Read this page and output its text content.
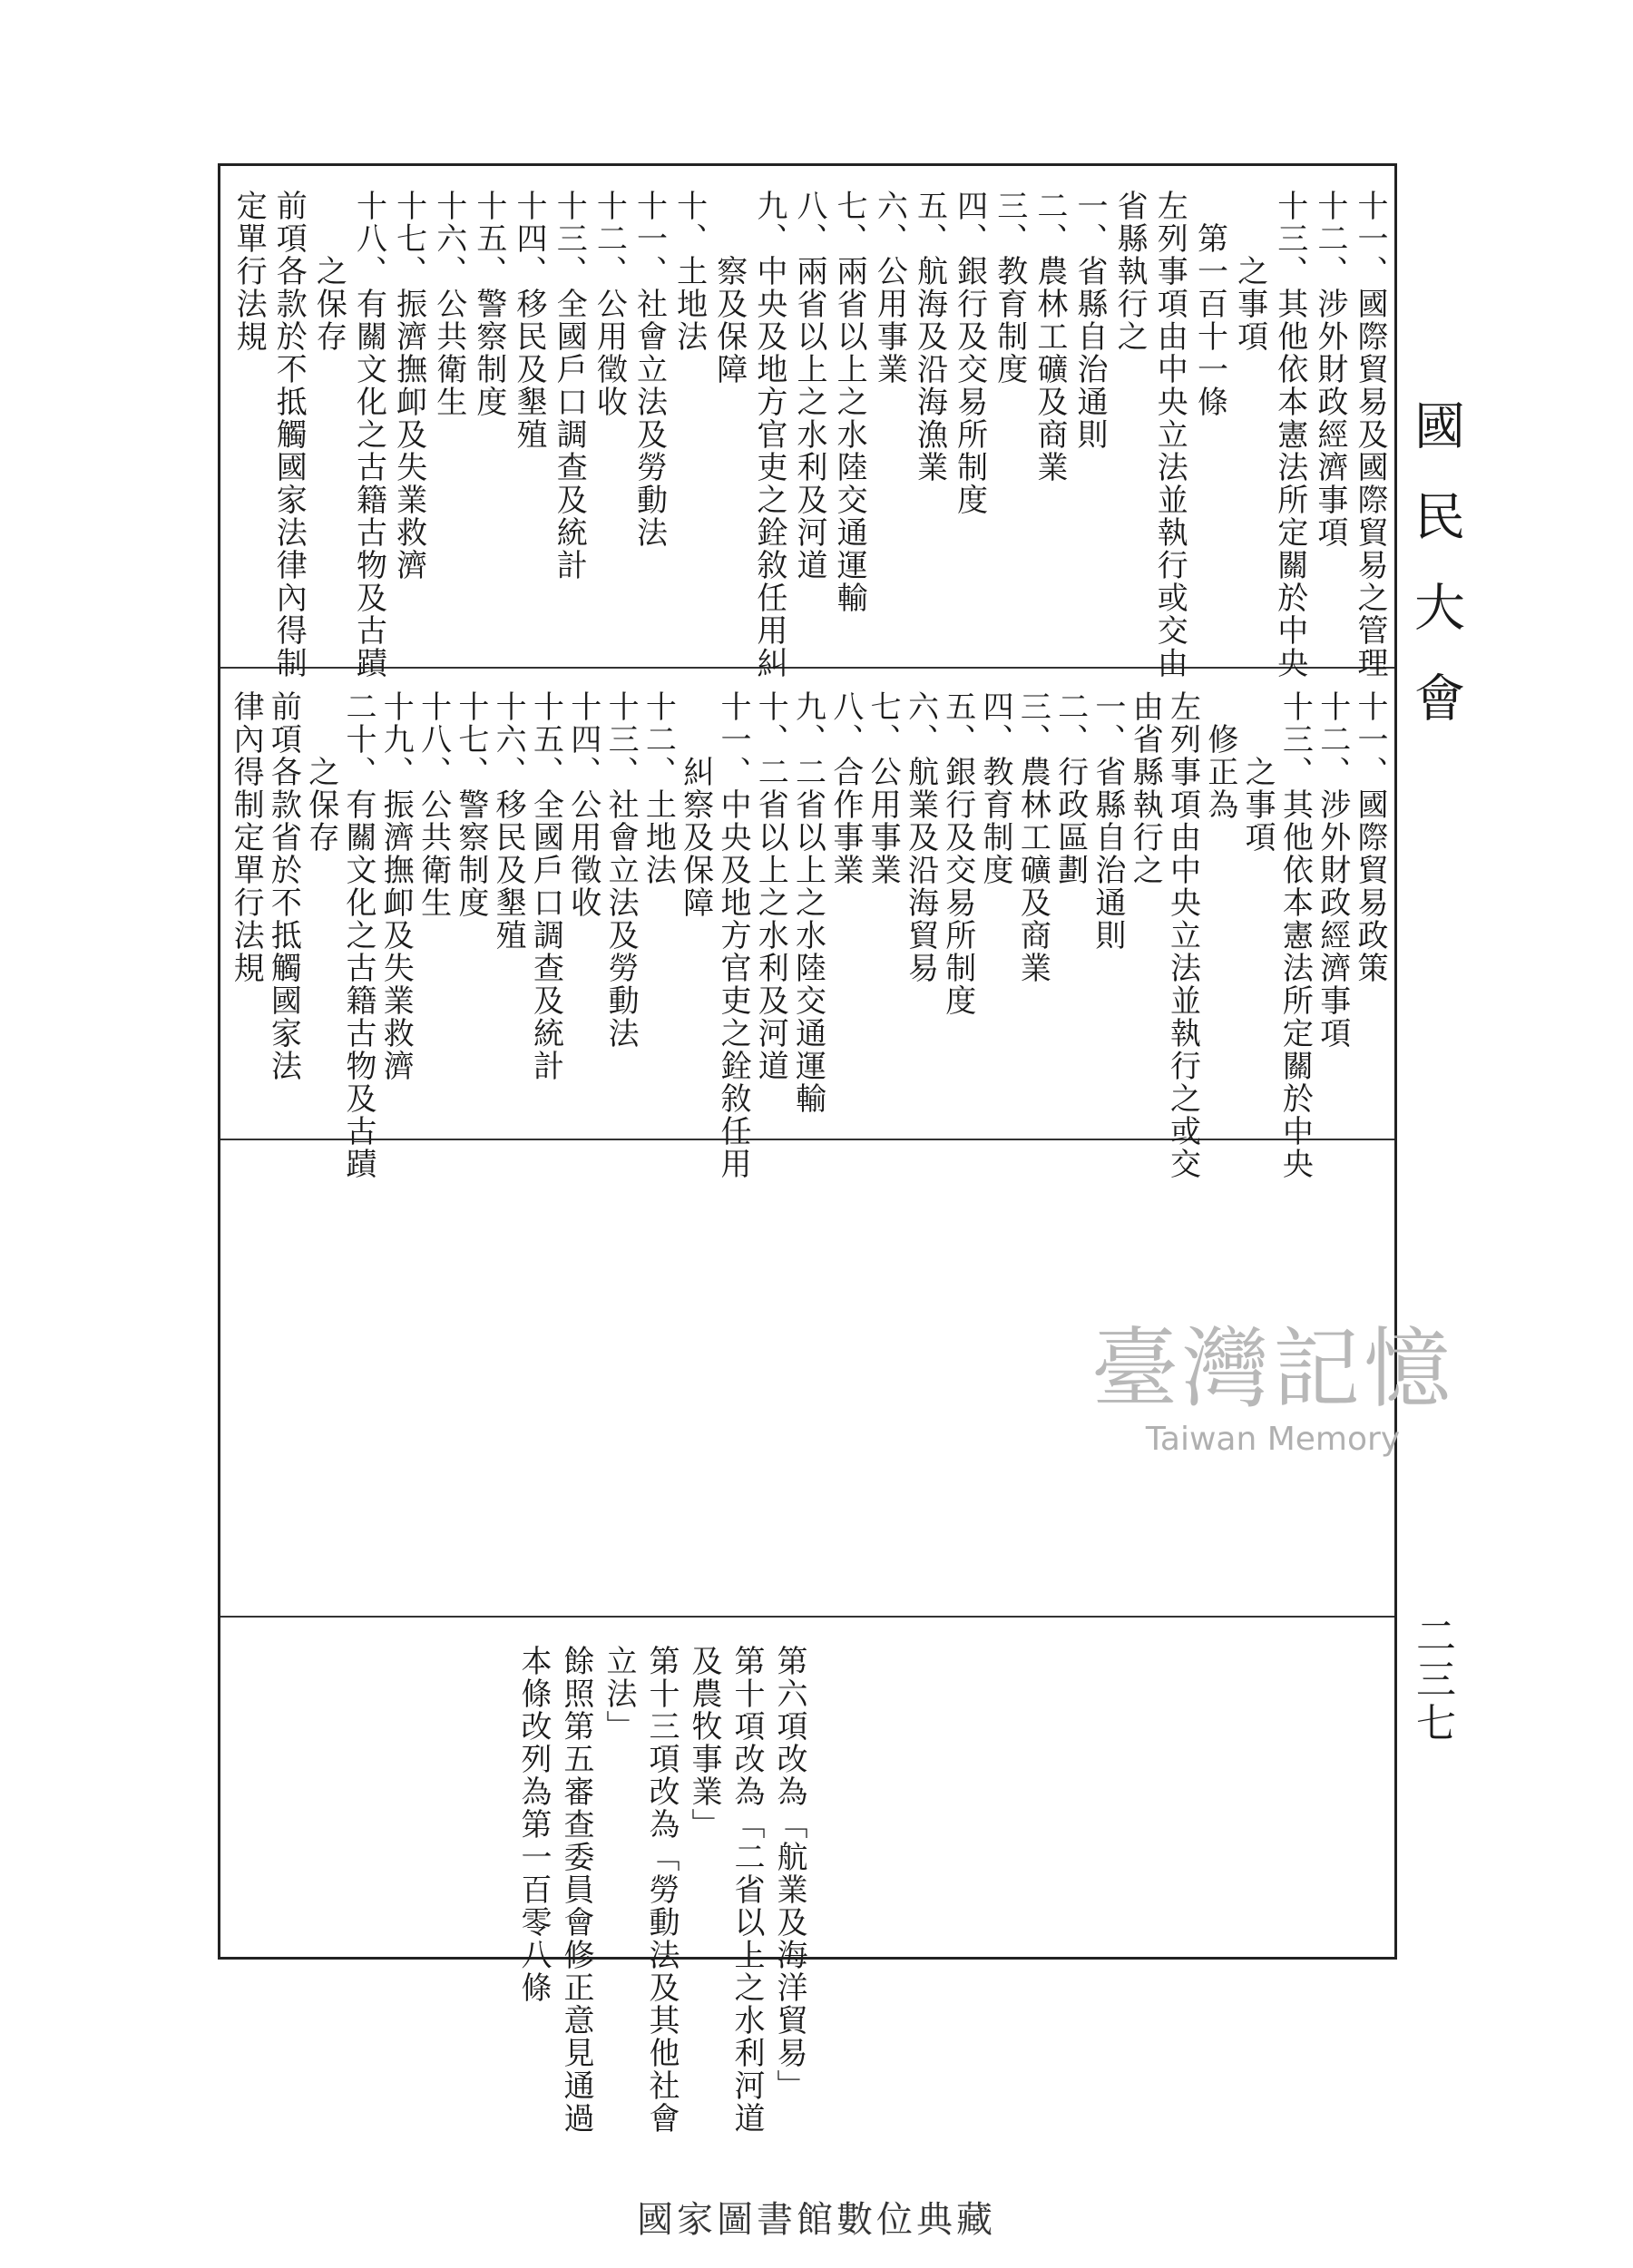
十一、國際貿易及國際貿易之管理
十二、涉外財政經濟事項
十三、其他依本憲法所定關於中央
　　之事項
　第一百十一條
左列事項由中央立法並執行或交由
省縣執行之
一、省縣自治通則
二、農林工礦及商業
三、教育制度
四、銀行及交易所制度
五、航海及沿海漁業
六、公用事業
七、兩省以上之水陸交通運輸
八、兩省以上之水利及河道
九、中央及地方官吏之銓敘任用糾
　　察及保障
十、土地法
十一、社會立法及勞動法
十二、公用徵收
十三、全國戶口調查及統計
十四、移民及墾殖
十五、警察制度
十六、公共衛生
十七、振濟撫卹及失業救濟
十八、有關文化之古籍古物及古蹟
　　之保存
前項各款於不抵觸國家法律內得制
定單行法規
十一、國際貿易政策
十二、涉外財政經濟事項
十三、其他依本憲法所定關於中央
　　之事項
　修正為
左列事項由中央立法並執行之或交
由省縣執行之
一、省縣自治通則
二、行政區劃
三、農林工礦及商業
四、教育制度
五、銀行及交易所制度
六、航業及沿海貿易
七、公用事業
八、合作事業
九、二省以上之水陸交通運輸
十、二省以上之水利及河道
十一、中央及地方官吏之銓敘任用
　　糾察及保障
十二、土地法
十三、社會立法及勞動法
十四、公用徵收
十五、全國戶口調查及統計
十六、移民及墾殖
十七、警察制度
十八、公共衛生
十九、振濟撫卹及失業救濟
二十、有關文化之古籍古物及古蹟
　　之保存
前項各款省於不抵觸國家法
律內得制定單行法規
第六項改為「航業及海洋貿易」
第十項改為「二省以上之水利河道
及農牧事業」
第十三項改為「勞動法及其他社會
立法」
餘照第五審查委員會修正意見通過
本條改列為第一百零八條
臺灣記憶
Taiwan Memory
國民大會
二三七
國家圖書館數位典藏
